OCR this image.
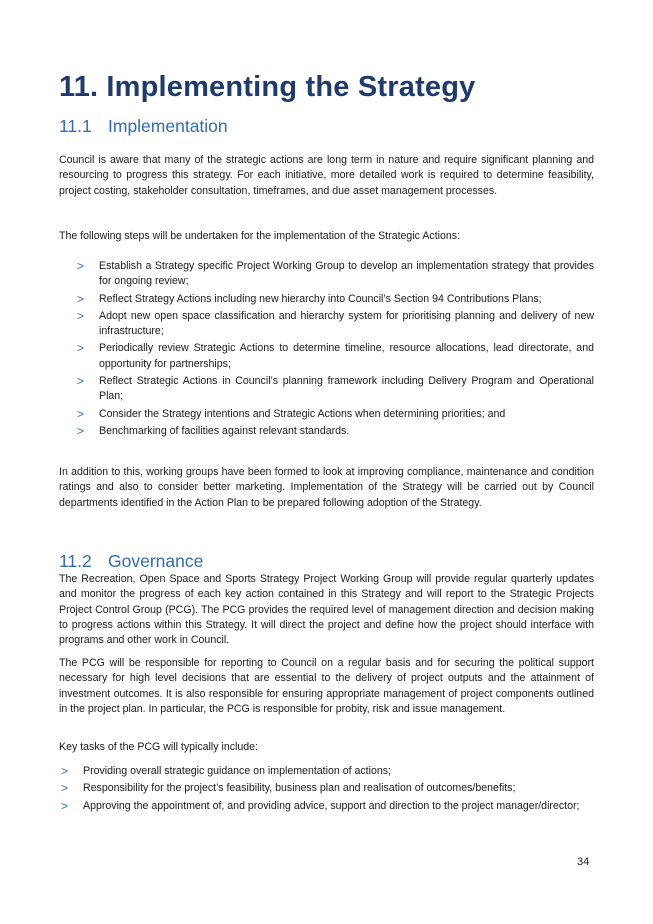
11. Implementing the Strategy
11.1 Implementation

Council is aware that many of the strategic actions are long term in nature and require significant planning and resourcing to progress this strategy. For each initiative, more detailed work is required to determine feasibility, project costing, stakeholder consultation, timeframes, and due asset management processes.

The following steps will be undertaken for the implementation of the Strategic Actions:

> Establish a Strategy specific Project Working Group to develop an implementation strategy that provides for ongoing review;
> Reflect Strategy Actions including new hierarchy into Council’s Section 94 Contributions Plans;
> Adopt new open space classification and hierarchy system for prioritising planning and delivery of new infrastructure;
> Periodically review Strategic Actions to determine timeline, resource allocations, lead directorate, and opportunity for partnerships;
> Reflect Strategic Actions in Council’s planning framework including Delivery Program and Operational Plan;
> Consider the Strategy intentions and Strategic Actions when determining priorities; and
> Benchmarking of facilities against relevant standards.

In addition to this, working groups have been formed to look at improving compliance, maintenance and condition ratings and also to consider better marketing. Implementation of the Strategy will be carried out by Council departments identified in the Action Plan to be prepared following adoption of the Strategy.

11.2 Governance

The Recreation, Open Space and Sports Strategy Project Working Group will provide regular quarterly updates and monitor the progress of each key action contained in this Strategy and will report to the Strategic Projects Project Control Group (PCG). The PCG provides the required level of management direction and decision making to progress actions within this Strategy. It will direct the project and define how the project should interface with programs and other work in Council.

The PCG will be responsible for reporting to Council on a regular basis and for securing the political support necessary for high level decisions that are essential to the delivery of project outputs and the attainment of investment outcomes. It is also responsible for ensuring appropriate management of project components outlined in the project plan. In particular, the PCG is responsible for probity, risk and issue management.

Key tasks of the PCG will typically include:

> Providing overall strategic guidance on implementation of actions;
> Responsibility for the project’s feasibility, business plan and realisation of outcomes/benefits;
> Approving the appointment of, and providing advice, support and direction to the project manager/director;
34
